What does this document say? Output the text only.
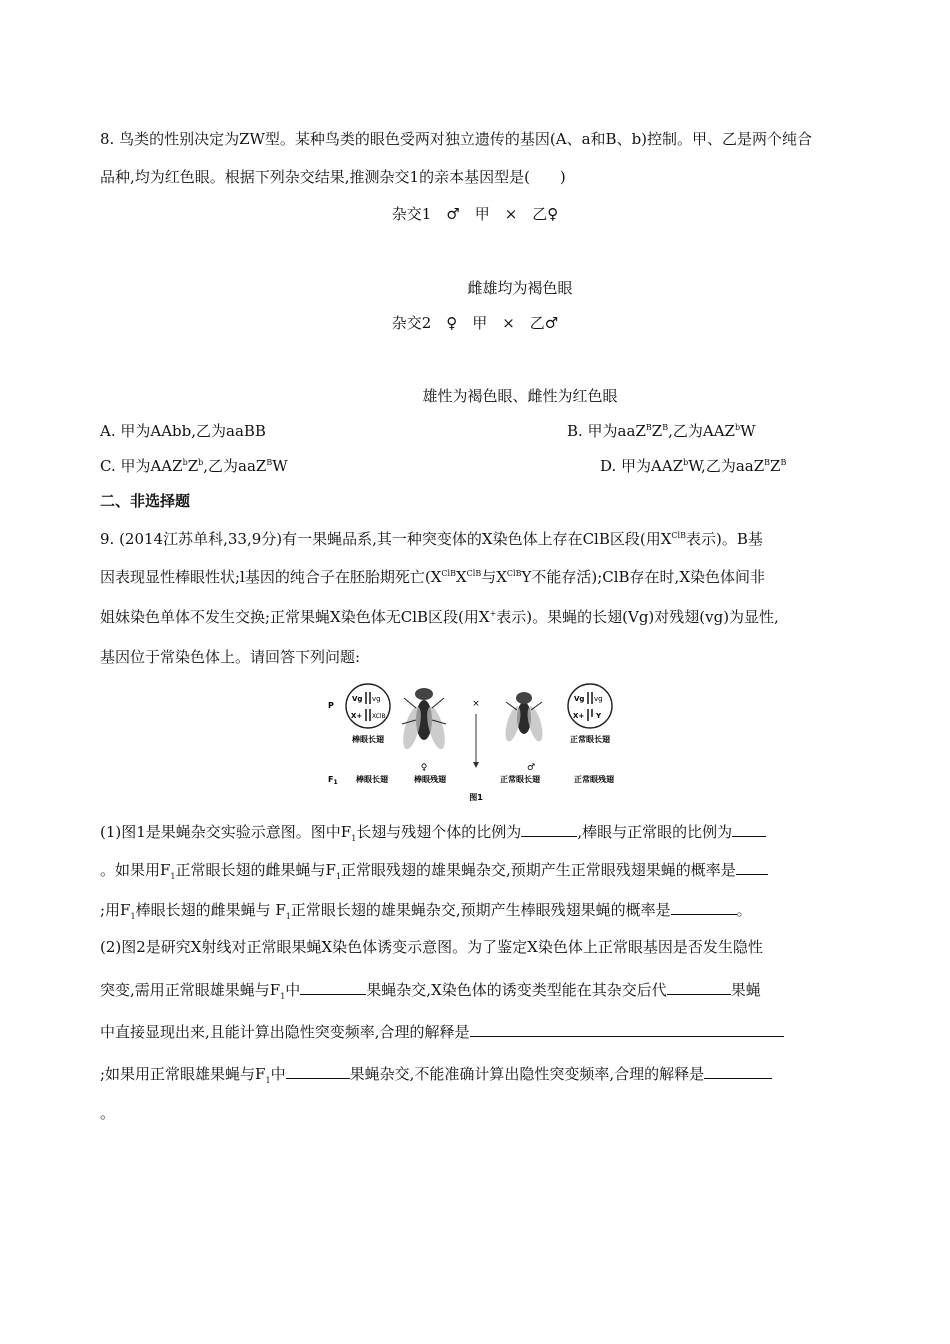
8. 鸟类的性别决定为ZW型。某种鸟类的眼色受两对独立遗传的基因(A、a和B、b)控制。甲、乙是两个纯合
品种,均为红色眼。根据下列杂交结果,推测杂交1的亲本基因型是(　　)
杂交1　♂　甲　×　乙♀
雌雄均为褐色眼
杂交2　♀　甲　×　乙♂
雄性为褐色眼、雌性为红色眼
A. 甲为AAbb,乙为aaBB	B. 甲为$aaZ^BZ^B$,乙为AAZ$^b$W
C. 甲为$AAZ^bZ^b$,乙为aaZ$^B$W	D. 甲为AAZ$^b$W,乙为$aaZ^BZ^B$
二、非选择题
9. (2014江苏单科,33,9分)有一果蝇品系,其一种突变体的X染色体上存在ClB区段(用$X^{ClB}$表示)。B基
因表现显性棒眼性状;l基因的纯合子在胚胎期死亡($X^{ClB}X^{ClB}$与$X^{ClB}Y$不能存活);ClB存在时,X染色体间非
姐妹染色单体不发生交换;正常果蝇X染色体无ClB区段(用X+表示)。果蝇的长翅(Vg)对残翅(vg)为显性,
基因位于常染色体上。请回答下列问题:
P
Vg vg
X+ XClB
棒眼长翅
♀
×
♂
Vg vg
X+ Y
正常眼长翅
$F_1$ 棒眼长翅	棒眼残翅	正常眼长翅	正常眼残翅
图1
(1)图1是果蝇杂交实验示意图。图中$F_1$长翅与残翅个体的比例为	,棒眼与正常眼的比例为
。如果用$F_1$正常眼长翅的雌果蝇与$F_1$正常眼残翅的雄果蝇杂交,预期产生正常眼残翅果蝇的概率是
;用$F_1$棒眼长翅的雌果蝇与 $F_1$正常眼长翅的雄果蝇杂交,预期产生棒眼残翅果蝇的概率是	。
(2)图2是研究X射线对正常眼果蝇X染色体诱变示意图。为了鉴定X染色体上正常眼基因是否发生隐性
突变,需用正常眼雄果蝇与$F_1$中	果蝇杂交,X染色体的诱变类型能在其杂交后代	果蝇
中直接显现出来,且能计算出隐性突变频率,合理的解释是
;如果用正常眼雄果蝇与$F_1$中	果蝇杂交,不能准确计算出隐性突变频率,合理的解释是
。
